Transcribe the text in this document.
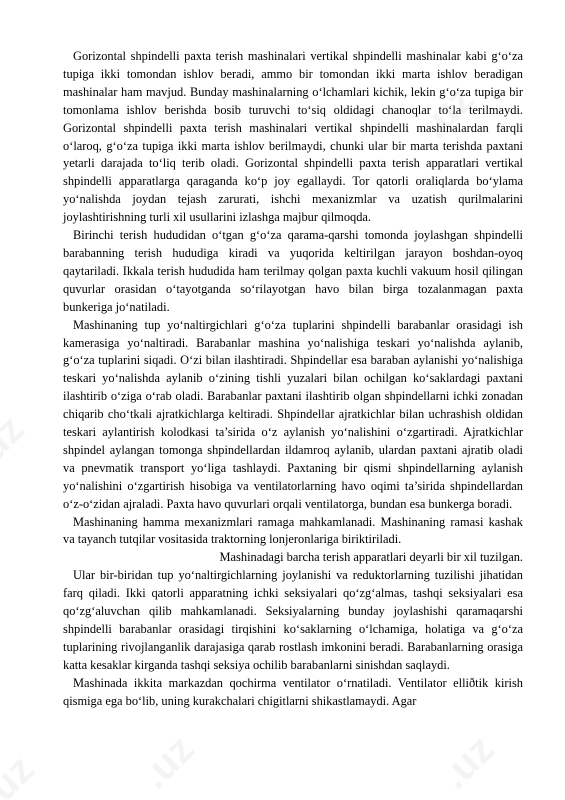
Gorizontal shpindelli paxta terish mashinalari vertikal shpindelli mashinalar kabi g‘o‘za tupiga ikki tomondan ishlov beradi, ammo bir tomondan ikki marta ishlov beradigan mashinalar ham mavjud. Bunday mashinalarning o‘lchamlari kichik, lekin g‘o‘za tupiga bir tomonlama ishlov berishda bosib turuvchi to‘siq oldidagi chanoqlar to‘la terilmaydi. Gorizontal shpindelli paxta terish mashinalari vertikal shpindelli mashinalardan farqli o‘laroq, g‘o‘za tupiga ikki marta ishlov berilmaydi, chunki ular bir marta terishda paxtani yetarli darajada to‘liq terib oladi. Gorizontal shpindelli paxta terish apparatlari vertikal shpindelli apparatlarga qaraganda ko‘p joy egallaydi. Tor qatorli oraliqlarda bo‘ylama yo‘nalishda joydan tejash zarurati, ishchi mexanizmlar va uzatish qurilmalarini joylashtirishning turli xil usullarini izlashga majbur qilmoqda.

Birinchi terish hududidan o‘tgan g‘o‘za qarama-qarshi tomonda joylashgan shpindelli barabanning terish hududiga kiradi va yuqorida keltirilgan jarayon boshdan-oyoq qaytariladi. Ikkala terish hududida ham terilmay qolgan paxta kuchli vakuum hosil qilingan quvurlar orasidan o‘tayotganda so‘rilayotgan havo bilan birga tozalanmagan paxta bunkeriga jo‘natiladi.

Mashinaning tup yo‘naltirgichlari g‘o‘za tuplarini shpindelli barabanlar orasidagi ish kamerasiga yo‘naltiradi. Barabanlar mashina yo‘nalishiga teskari yo‘nalishda aylanib, g‘o‘za tuplarini siqadi. O‘zi bilan ilashtiradi. Shpindellar esa baraban aylanishi yo‘nalishiga teskari yo‘nalishda aylanib o‘zining tishli yuzalari bilan ochilgan ko‘saklardagi paxtani ilashtirib o‘ziga o‘rab oladi. Barabanlar paxtani ilashtirib olgan shpindellarni ichki zonadan chiqarib cho‘tkali ajratkichlarga keltiradi. Shpindellar ajratkichlar bilan uchrashish oldidan teskari aylantirish kolodkasi ta’sirida o‘z aylanish yo‘nalishini o‘zgartiradi. Ajratkichlar shpindel aylangan tomonga shpindellardan ildamroq aylanib, ulardan paxtani ajratib oladi va pnevmatik transport yo‘liga tashlaydi. Paxtaning bir qismi shpindellarning aylanish yo‘nalishini o‘zgartirish hisobiga va ventilatorlarning havo oqimi ta’sirida shpindellardan o‘z-o‘zidan ajraladi. Paxta havo quvurlari orqali ventilatorga, bundan esa bunkerga boradi.

Mashinaning hamma mexanizmlari ramaga mahkamlanadi. Mashinaning ramasi kashak va tayanch tutqilar vositasida traktorning lonjeronlariga biriktiriladi.

Mashinadagi barcha terish apparatlari deyarli bir xil tuzilgan.

Ular bir-biridan tup yo‘naltirgichlarning joylanishi va reduktorlarning tuzilishi jihatidan farq qiladi. Ikki qatorli apparatning ichki seksiyalari qo‘zg‘almas, tashqi seksiyalari esa qo‘zg‘aluvchan qilib mahkamlanadi. Seksiyalarning bunday joylashishi qaramaqarshi shpindelli barabanlar orasidagi tirqishini ko‘saklarning o‘lchamiga, holatiga va g‘o‘za tuplarining rivojlanganlik darajasiga qarab rostlash imkonini beradi. Barabanlarning orasiga katta kesaklar kirganda tashqi seksiya ochilib barabanlarni sinishdan saqlaydi.

Mashinada ikkita markazdan qochirma ventilator o‘rnatiladi. Ventilator elliðtik kirish qismiga ega bo‘lib, uning kurakchalari chigitlarni shikastlamaydi. Agar
